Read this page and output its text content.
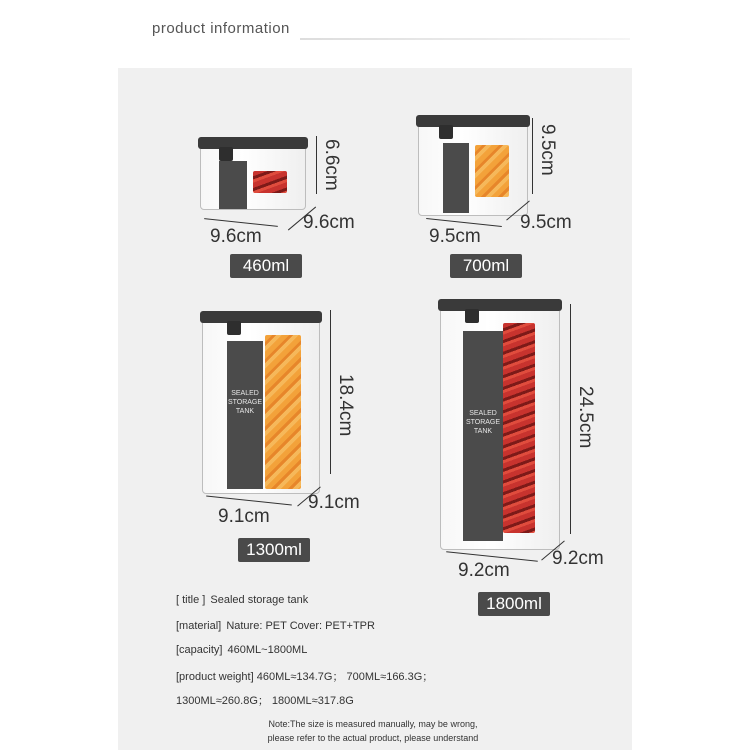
product information
6.6cm
9.6cm
9.6cm
460ml
9.5cm
9.5cm
9.5cm
700ml
SEALED
STORAGE TANK	18.4cm
9.1cm
9.1cm
1300ml
SEALED
STORAGE TANK	24.5cm
9.2cm
9.2cm
1800ml
[ title ] Sealed storage tank
[material] Nature: PET Cover: PET+TPR
[capacity] 460ML~1800ML
[product weight] 460ML≈134.7G； 700ML≈166.3G；
1300ML≈260.8G； 1800ML≈317.8G
Note:The size is measured manually, may be wrong,
please refer to the actual product, please understand
